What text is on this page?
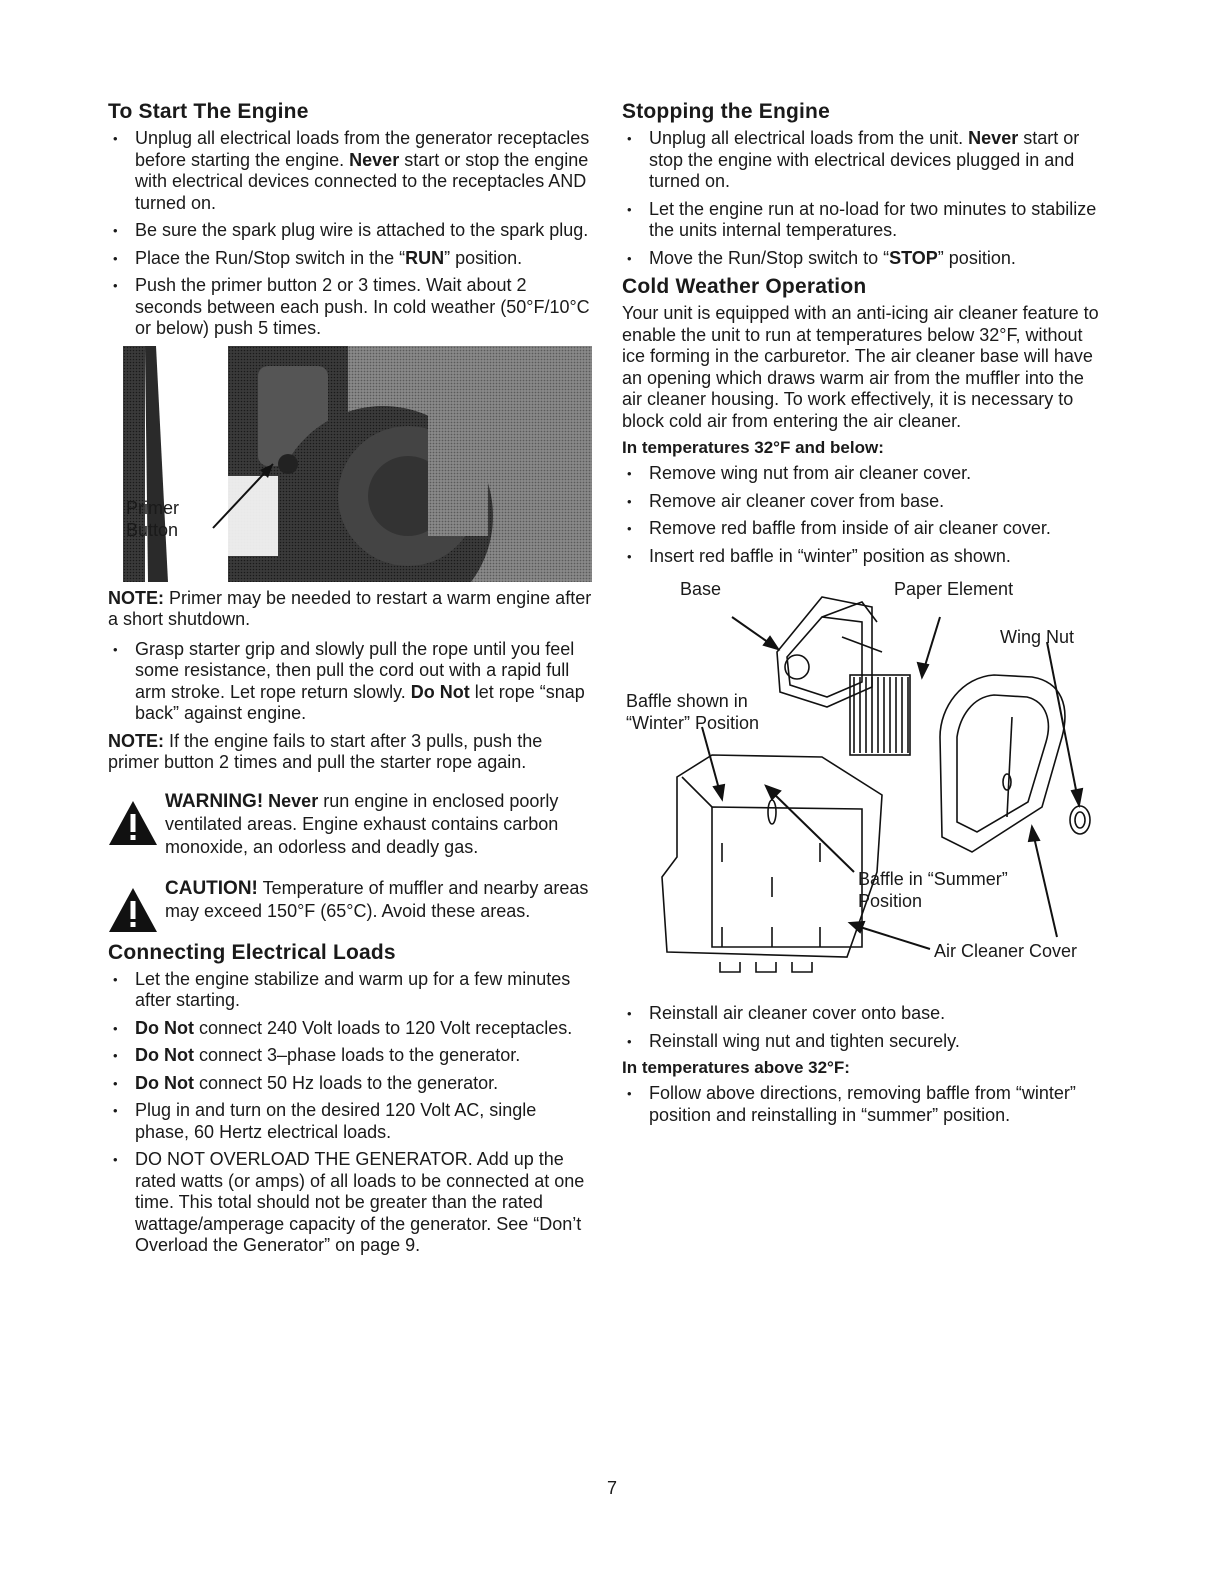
To Start The Engine
• Unplug all electrical loads from the generator receptacles before starting the engine. Never start or stop the engine with electrical devices connected to the receptacles AND turned on.
• Be sure the spark plug wire is attached to the spark plug.
• Place the Run/Stop switch in the “RUN” position.
• Push the primer button 2 or 3 times. Wait about 2 seconds between each push. In cold weather (50°F/10°C or below) push 5 times.
Primer
Button

NOTE: Primer may be needed to restart a warm engine after a short shutdown.

• Grasp starter grip and slowly pull the rope until you feel some resistance, then pull the cord out with a rapid full arm stroke. Let rope return slowly. Do Not let rope “snap back” against engine.

NOTE: If the engine fails to start after 3 pulls, push the primer button 2 times and pull the starter rope again.

WARNING! Never run engine in enclosed poorly ventilated areas. Engine exhaust contains carbon monoxide, an odorless and deadly gas.
CAUTION! Temperature of muffler and nearby areas may exceed 150°F (65°C). Avoid these areas.
Connecting Electrical Loads
• Let the engine stabilize and warm up for a few minutes after starting.
• Do Not connect 240 Volt loads to 120 Volt receptacles.
• Do Not connect 3–phase loads to the generator.
• Do Not connect 50 Hz loads to the generator.
• Plug in and turn on the desired 120 Volt AC, single phase, 60 Hertz electrical loads.
• DO NOT OVERLOAD THE GENERATOR. Add up the rated watts (or amps) of all loads to be connected at one time. This total should not be greater than the rated wattage/amperage capacity of the generator. See “Don’t Overload the Generator” on page 9.
Stopping the Engine
• Unplug all electrical loads from the unit. Never start or stop the engine with electrical devices plugged in and turned on.
• Let the engine run at no-load for two minutes to stabilize the units internal temperatures.
• Move the Run/Stop switch to “STOP” position.
Cold Weather Operation

Your unit is equipped with an anti-icing air cleaner feature to enable the unit to run at temperatures below 32°F, without ice forming in the carburetor. The air cleaner base will have an opening which draws warm air from the muffler into the air cleaner housing. To work effectively, it is necessary to block cold air from entering the air cleaner.

In temperatures 32°F and below:
• Remove wing nut from air cleaner cover.
• Remove air cleaner cover from base.
• Remove red baffle from inside of air cleaner cover.
• Insert red baffle in “winter” position as shown.
Base	Paper Element
Wing Nut
Baffle shown in
“Winter” Position
Baffle in “Summer”
Position
Air Cleaner Cover
• Reinstall air cleaner cover onto base.
• Reinstall wing nut and tighten securely.
In temperatures above 32°F:
• Follow above directions, removing baffle from “winter” position and reinstalling in “summer” position.
7
